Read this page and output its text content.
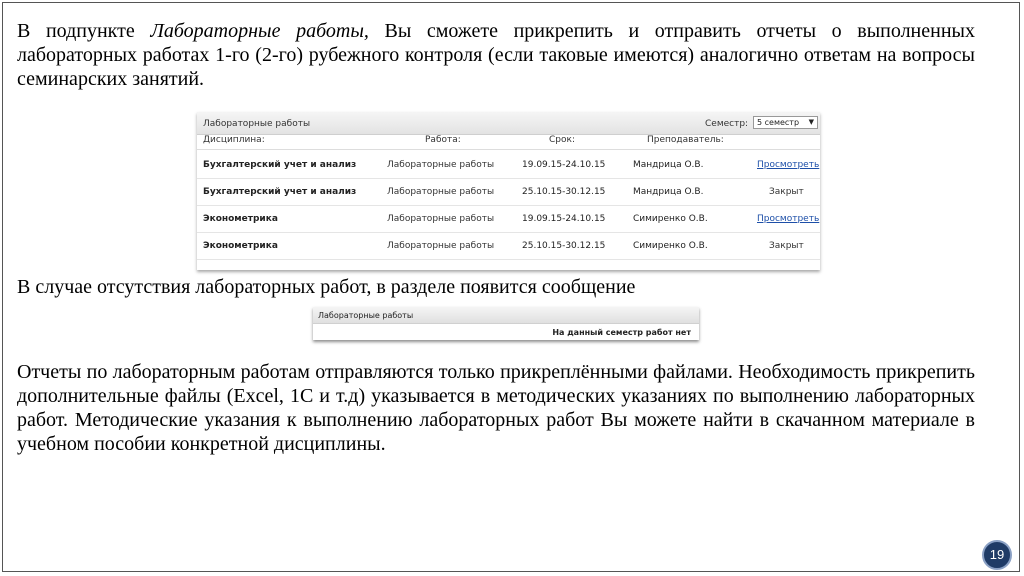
В подпункте Лабораторные работы, Вы сможете прикрепить и отправить отчеты о выполненных лабораторных работах 1-го (2-го) рубежного контроля (если таковые имеются) аналогично ответам на вопросы семинарских занятий.

Лабораторные работы	Семестр:	5 семестр ▼
Дисциплина:	Работа:	Срок:	Преподаватель:
Бухгалтерский учет и анализ	Лабораторные работы	19.09.15-24.10.15	Мандрица О.В.	Просмотреть
Бухгалтерский учет и анализ	Лабораторные работы	25.10.15-30.12.15	Мандрица О.В.	Закрыт
Эконометрика	Лабораторные работы	19.09.15-24.10.15	Симиренко О.В.	Просмотреть
Эконометрика	Лабораторные работы	25.10.15-30.12.15	Симиренко О.В.	Закрыт

В случае отсутствия лабораторных работ, в разделе появится сообщение

Лабораторные работы
На данный семестр работ нет

Отчеты по лабораторным работам отправляются только прикреплёнными файлами. Необходимость прикрепить дополнительные файлы (Excel, 1С и т.д) указывается в методических указаниях по выполнению лабораторных работ. Методические указания к выполнению лабораторных работ Вы можете найти в скачанном материале в учебном пособии конкретной дисциплины.

19
